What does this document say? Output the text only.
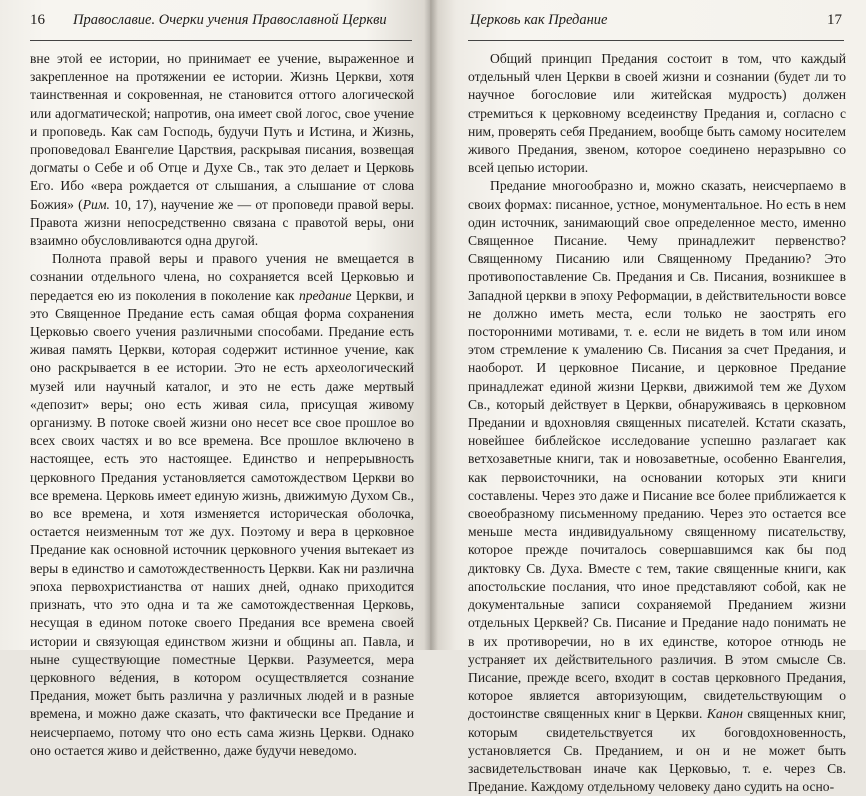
16 Православие. Очерки учения Православной Церкви

вне этой ее истории, но принимает ее учение, выраженное и закрепленное на протяжении ее истории. Жизнь Церкви, хотя таинственная и сокровенная, не становится оттого алогической или адогматической; напротив, она имеет свой логос, свое учение и проповедь. Как сам Господь, будучи Путь и Истина, и Жизнь, проповедовал Евангелие Царствия, раскрывая писания, возвещая догматы о Себе и об Отце и Духе Св., так это делает и Церковь Его. Ибо «вера рождается от слышания, а слышание от слова Божия» (Рим. 10, 17), научение же — от проповеди правой веры. Правота жизни непосредственно связана с правотой веры, они взаимно обусловливаются одна другой.

Полнота правой веры и правого учения не вмещается в сознании отдельного члена, но сохраняется всей Церковью и передается ею из поколения в поколение как предание Церкви, и это Священное Предание есть самая общая форма сохранения Церковью своего учения различными способами. Предание есть живая память Церкви, которая содержит истинное учение, как оно раскрывается в ее истории. Это не есть археологический музей или научный каталог, и это не есть даже мертвый «депозит» веры; оно есть живая сила, присущая живому организму. В потоке своей жизни оно несет все свое прошлое во всех своих частях и во все времена. Все прошлое включено в настоящее, есть это настоящее. Единство и непрерывность церковного Предания установляется самотождеством Церкви во все времена. Церковь имеет единую жизнь, движимую Духом Св., во все времена, и хотя изменяется историческая оболочка, остается неизменным тот же дух. Поэтому и вера в церковное Предание как основной источник церковного учения вытекает из веры в единство и самотождественность Церкви. Как ни различна эпоха первохристианства от наших дней, однако приходится признать, что это одна и та же самотождественная Церковь, несущая в едином потоке своего Предания все времена своей истории и связующая единством жизни и общины ап. Павла, и ныне существующие поместные Церкви. Разумеется, мера церковного ве́дения, в котором осуществляется сознание Предания, может быть различна у различных людей и в разные времена, и можно даже сказать, что фактически все Предание и неисчерпаемо, потому что оно есть сама жизнь Церкви. Однако оно остается живо и действенно, даже будучи неведомо.

Церковь как Предание	17

Общий принцип Предания состоит в том, что каждый отдельный член Церкви в своей жизни и сознании (будет ли то научное богословие или житейская мудрость) должен стремиться к церковному вседеинству Предания и, согласно с ним, проверять себя Преданием, вообще быть самому носителем живого Предания, звеном, которое соединено неразрывно со всей цепью истории.

Предание многообразно и, можно сказать, неисчерпаемо в своих формах: писанное, устное, монументальное. Но есть в нем один источник, занимающий свое определенное место, именно Священное Писание. Чему принадлежит первенство? Священному Писанию или Священному Преданию? Это противопоставление Св. Предания и Св. Писания, возникшее в Западной церкви в эпоху Реформации, в действительности вовсе не должно иметь места, если только не заострять его посторонними мотивами, т. е. если не видеть в том или ином этом стремление к умалению Св. Писания за счет Предания, и наоборот. И церковное Писание, и церковное Предание принадлежат единой жизни Церкви, движимой тем же Духом Св., который действует в Церкви, обнаруживаясь в церковном Предании и вдохновляя священных писателей. Кстати сказать, новейшее библейское исследование успешно разлагает как ветхозаветные книги, так и новозаветные, особенно Евангелия, как первоисточники, на основании которых эти книги составлены. Через это даже и Писание все более приближается к своеобразному письменному преданию. Через это остается все меньше места индивидуальному священному писательству, которое прежде почиталось совершавшимся как бы под диктовку Св. Духа. Вместе с тем, такие священные книги, как апостольские послания, что иное представляют собой, как не документальные записи сохраняемой Преданием жизни отдельных Церквей? Св. Писание и Предание надо понимать не в их противоречии, но в их единстве, которое отнюдь не устраняет их действительного различия. В этом смысле Св. Писание, прежде всего, входит в состав церковного Предания, которое является авторизующим, свидетельствующим о достоинстве священных книг в Церкви. Канон священных книг, которым свидетельствуется их боговдохновенность, установляется Св. Преданием, и он и не может быть засвидетельствован иначе как Церковью, т. е. через Св. Предание. Каждому отдельному человеку дано судить на осно-
